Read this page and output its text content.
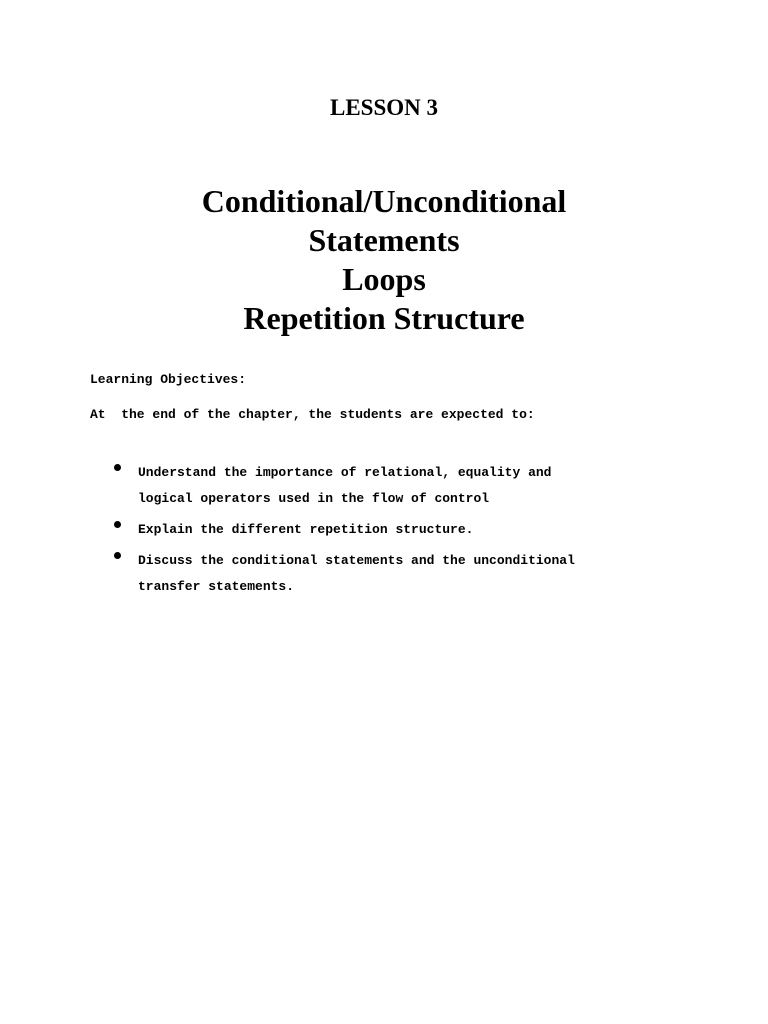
LESSON 3
Conditional/Unconditional
Statements
Loops
Repetition Structure
Learning Objectives:
At  the end of the chapter, the students are expected to:
Understand the importance of relational, equality and
logical operators used in the flow of control
Explain the different repetition structure.
Discuss the conditional statements and the unconditional
transfer statements.
